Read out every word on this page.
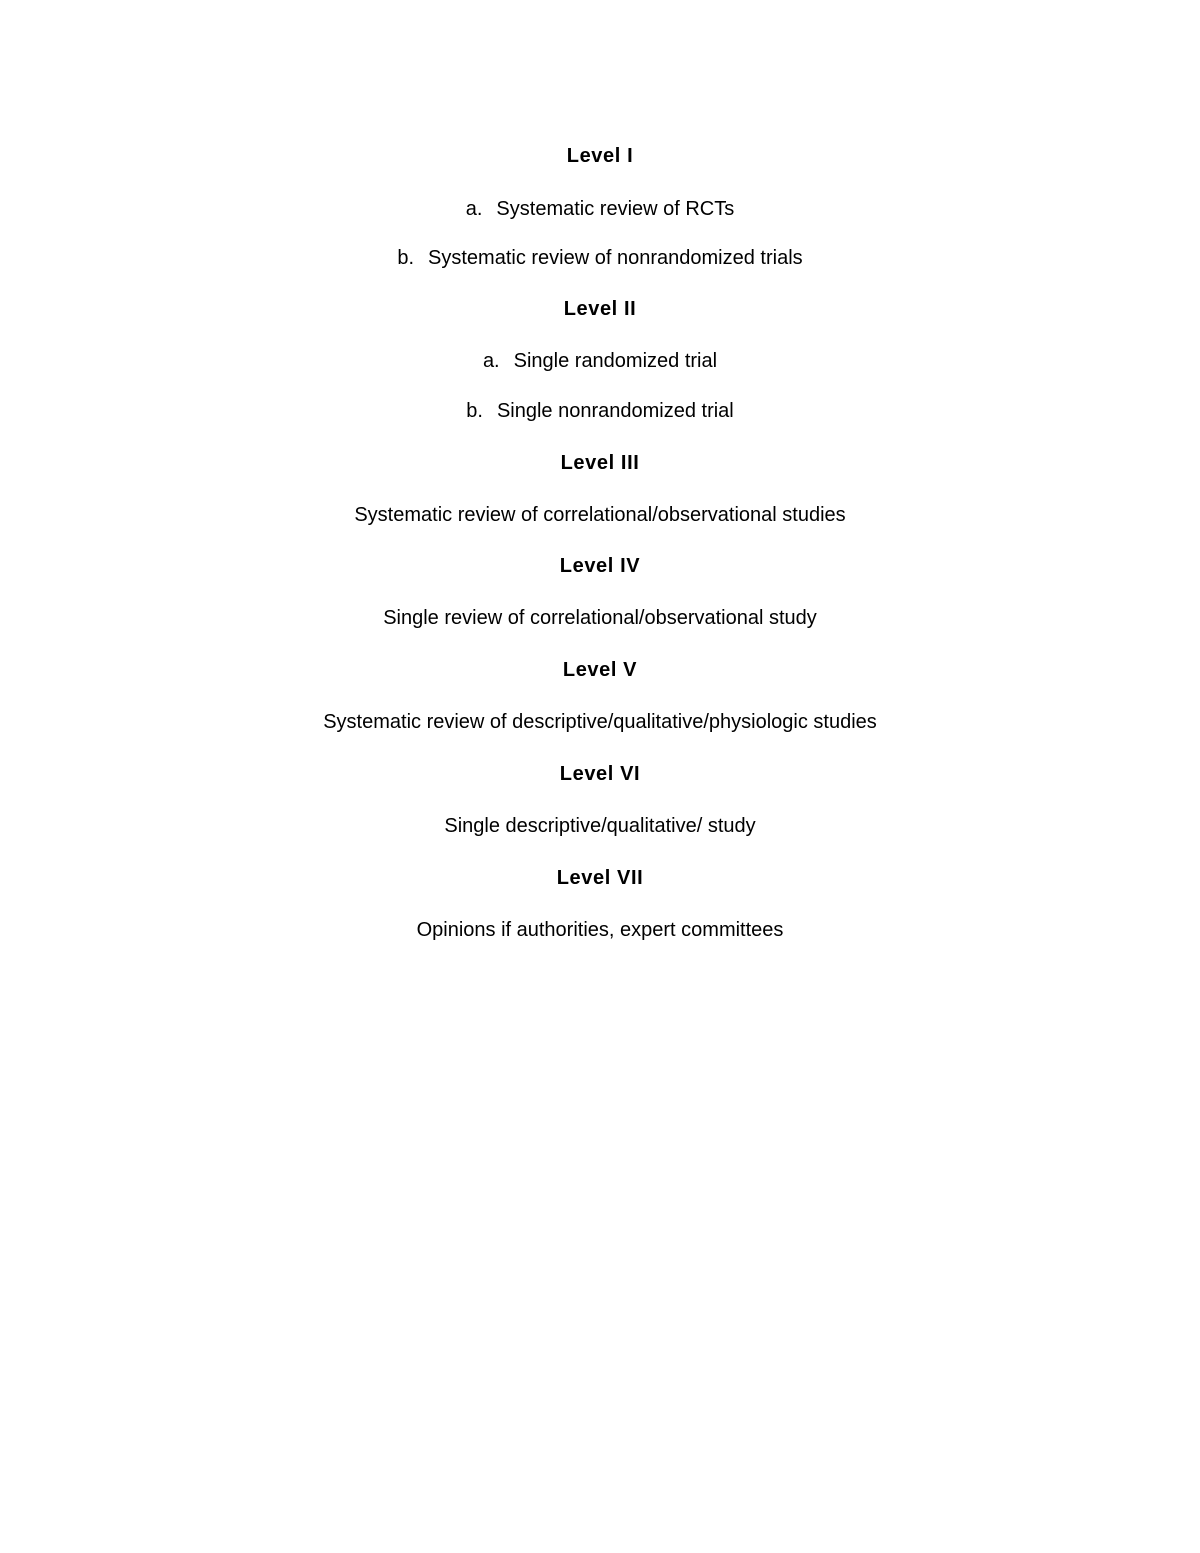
Level I
a. Systematic review of RCTs
b. Systematic review of nonrandomized trials
Level II
a. Single randomized trial
b. Single nonrandomized trial
Level III
Systematic review of correlational/observational studies
Level IV
Single review of correlational/observational study
Level V
Systematic review of descriptive/qualitative/physiologic studies
Level VI
Single descriptive/qualitative/ study
Level VII
Opinions if authorities, expert committees
